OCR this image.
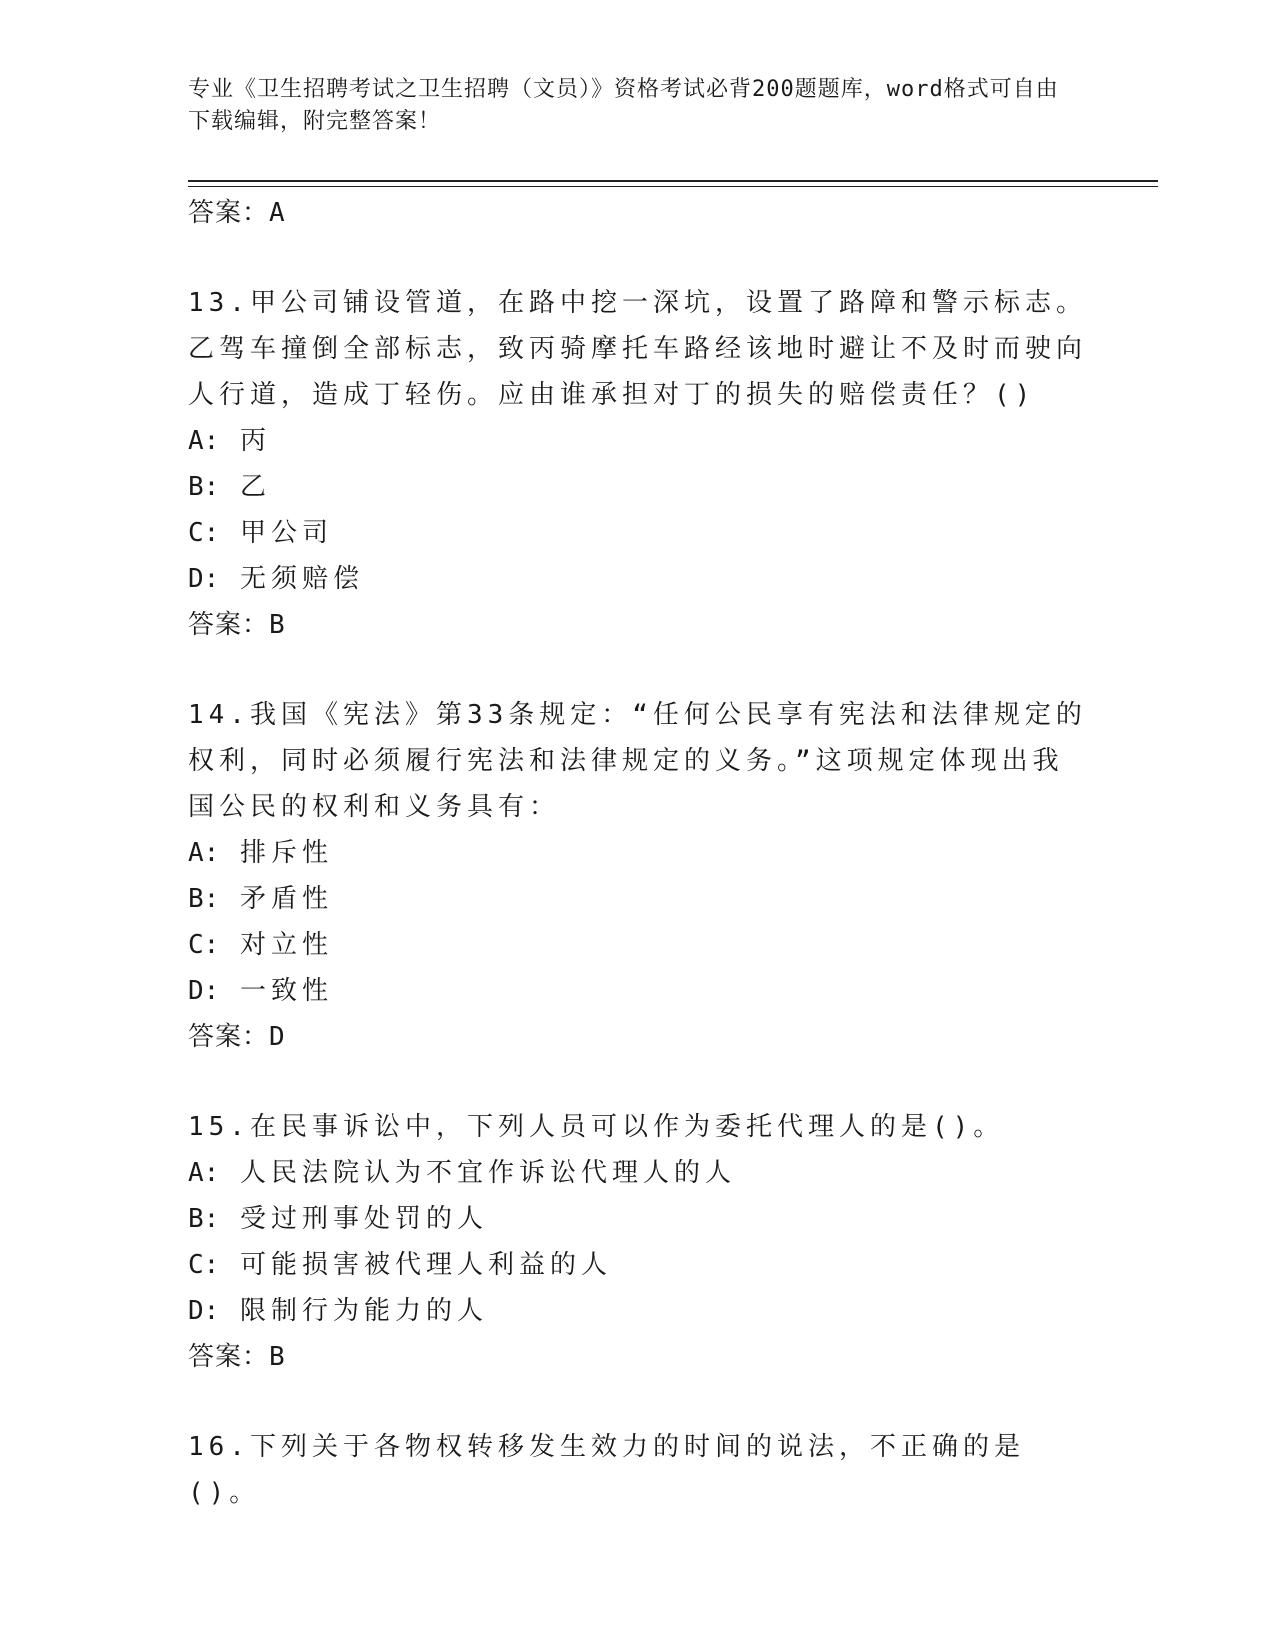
专业《卫生招聘考试之卫生招聘（文员）》资格考试必背200题题库，word格式可自由下载编辑，附完整答案！

答案：A

13.甲公司铺设管道，在路中挖一深坑，设置了路障和警示标志。乙驾车撞倒全部标志，致丙骑摩托车路经该地时避让不及时而驶向人行道，造成丁轻伤。应由谁承担对丁的损失的赔偿责任？()

A: 丙

B: 乙

C: 甲公司

D: 无须赔偿

答案：B

14.我国《宪法》第33条规定：“任何公民享有宪法和法律规定的权利，同时必须履行宪法和法律规定的义务。”这项规定体现出我国公民的权利和义务具有：

A: 排斥性

B: 矛盾性

C: 对立性

D: 一致性

答案：D

15.在民事诉讼中，下列人员可以作为委托代理人的是()。

A: 人民法院认为不宜作诉讼代理人的人

B: 受过刑事处罚的人

C: 可能损害被代理人利益的人

D: 限制行为能力的人

答案：B

16.下列关于各物权转移发生效力的时间的说法，不正确的是()。
